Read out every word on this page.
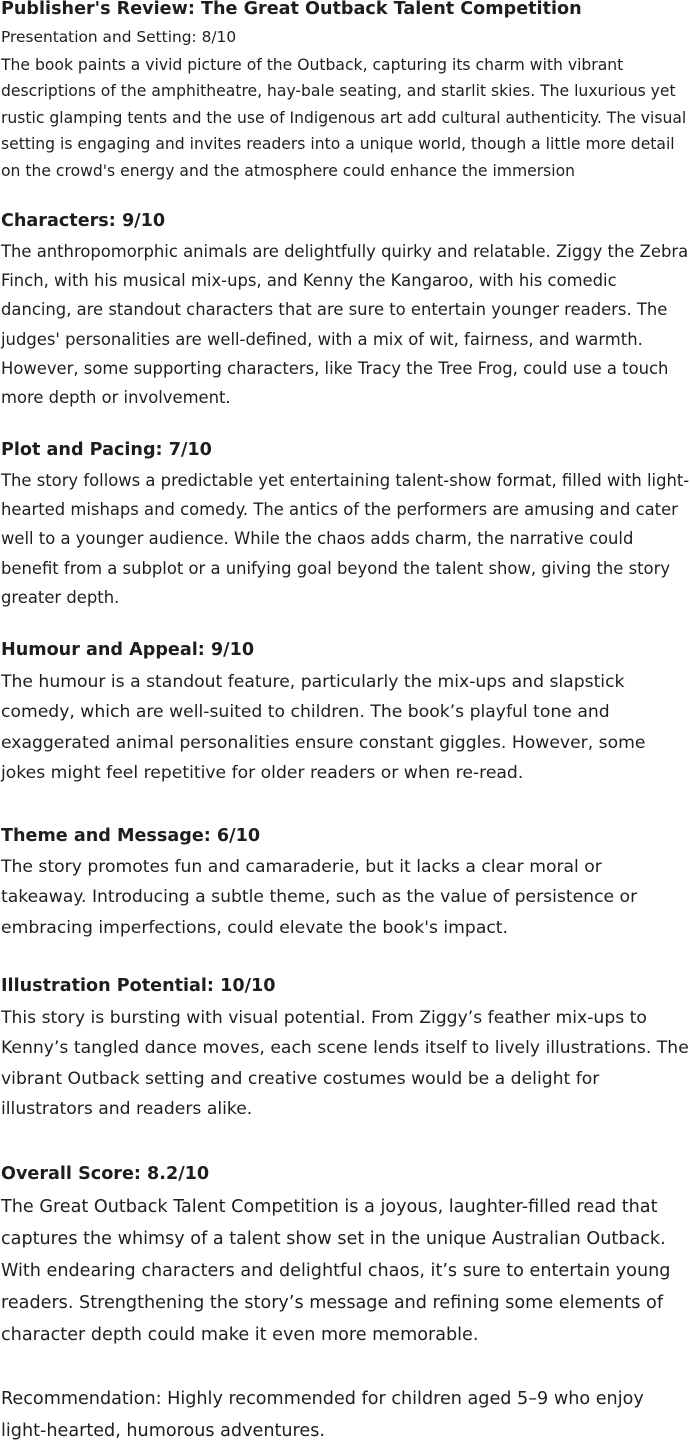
Publisher's Review: The Great Outback Talent Competition
Presentation and Setting: 8/10

The book paints a vivid picture of the Outback, capturing its charm with vibrant descriptions of the amphitheatre, hay-bale seating, and starlit skies. The luxurious yet rustic glamping tents and the use of Indigenous art add cultural authenticity. The visual setting is engaging and invites readers into a unique world, though a little more detail on the crowd's energy and the atmosphere could enhance the immersion

Characters: 9/10

The anthropomorphic animals are delightfully quirky and relatable. Ziggy the Zebra Finch, with his musical mix-ups, and Kenny the Kangaroo, with his comedic dancing, are standout characters that are sure to entertain younger readers. The judges' personalities are well-defined, with a mix of wit, fairness, and warmth. However, some supporting characters, like Tracy the Tree Frog, could use a touch more depth or involvement.

Plot and Pacing: 7/10

The story follows a predictable yet entertaining talent-show format, filled with light-hearted mishaps and comedy. The antics of the performers are amusing and cater well to a younger audience. While the chaos adds charm, the narrative could benefit from a subplot or a unifying goal beyond the talent show, giving the story greater depth.

Humour and Appeal: 9/10

The humour is a standout feature, particularly the mix-ups and slapstick comedy, which are well-suited to children. The book’s playful tone and exaggerated animal personalities ensure constant giggles. However, some jokes might feel repetitive for older readers or when re-read.

Theme and Message: 6/10

The story promotes fun and camaraderie, but it lacks a clear moral or takeaway. Introducing a subtle theme, such as the value of persistence or embracing imperfections, could elevate the book's impact.

Illustration Potential: 10/10

This story is bursting with visual potential. From Ziggy’s feather mix-ups to Kenny’s tangled dance moves, each scene lends itself to lively illustrations. The vibrant Outback setting and creative costumes would be a delight for illustrators and readers alike.

Overall Score: 8.2/10

The Great Outback Talent Competition is a joyous, laughter-filled read that captures the whimsy of a talent show set in the unique Australian Outback. With endearing characters and delightful chaos, it’s sure to entertain young readers. Strengthening the story’s message and refining some elements of character depth could make it even more memorable.

Recommendation: Highly recommended for children aged 5–9 who enjoy light-hearted, humorous adventures.
